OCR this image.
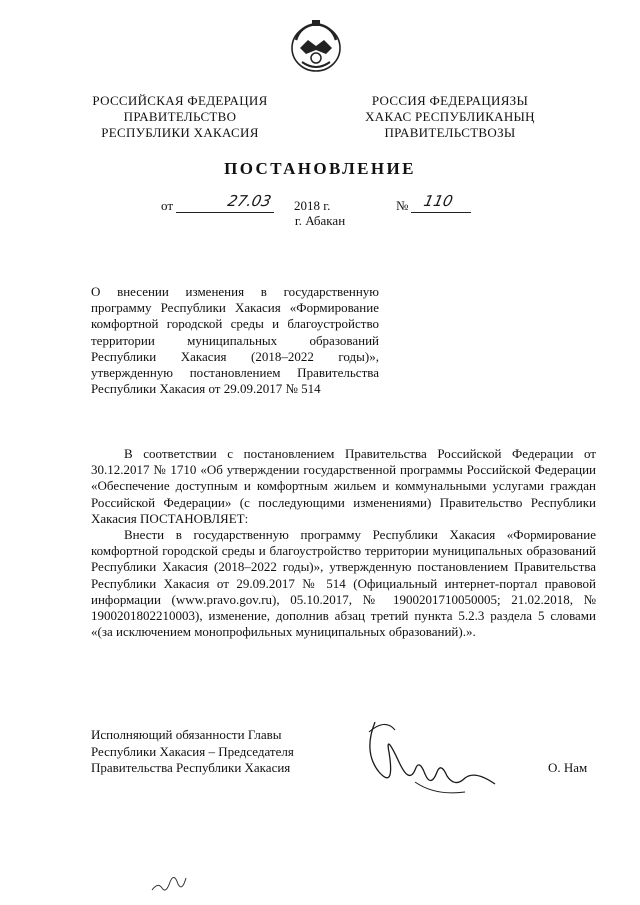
РОССИЙСКАЯ ФЕДЕРАЦИЯ
ПРАВИТЕЛЬСТВО
РЕСПУБЛИКИ ХАКАСИЯ
РОССИЯ ФЕДЕРАЦИЯЗЫ
ХАКАС РЕСПУБЛИКАНЫҢ
ПРАВИТЕЛЬСТВОЗЫ
ПОСТАНОВЛЕНИЕ
от	27.03 2018 г.	№ 110
г. Абакан
О внесении изменения в государственную программу Республики Хакасия «Формирование комфортной городской среды и благоустройство территории муниципальных образований Республики Хакасия (2018–2022 годы)», утвержденную постановлением Правительства Республики Хакасия от 29.09.2017 № 514

В соответствии с постановлением Правительства Российской Федерации от 30.12.2017 № 1710 «Об утверждении государственной программы Российской Федерации «Обеспечение доступным и комфортным жильем и коммунальными услугами граждан Российской Федерации» (с последующими изменениями) Правительство Республики Хакасия ПОСТАНОВЛЯЕТ:

Внести в государственную программу Республики Хакасия «Формирование комфортной городской среды и благоустройство территории муниципальных образований Республики Хакасия (2018–2022 годы)», утвержденную постановлением Правительства Республики Хакасия от 29.09.2017 № 514 (Официальный интернет-портал правовой информации (www.pravo.gov.ru), 05.10.2017, № 1900201710050005; 21.02.2018, № 1900201802210003), изменение, дополнив абзац третий пункта 5.2.3 раздела 5 словами «(за исключением монопрофильных муниципальных образований).».

Исполняющий обязанности Главы
Республики Хакасия – Председателя
Правительства Республики Хакасия	О. Нам
